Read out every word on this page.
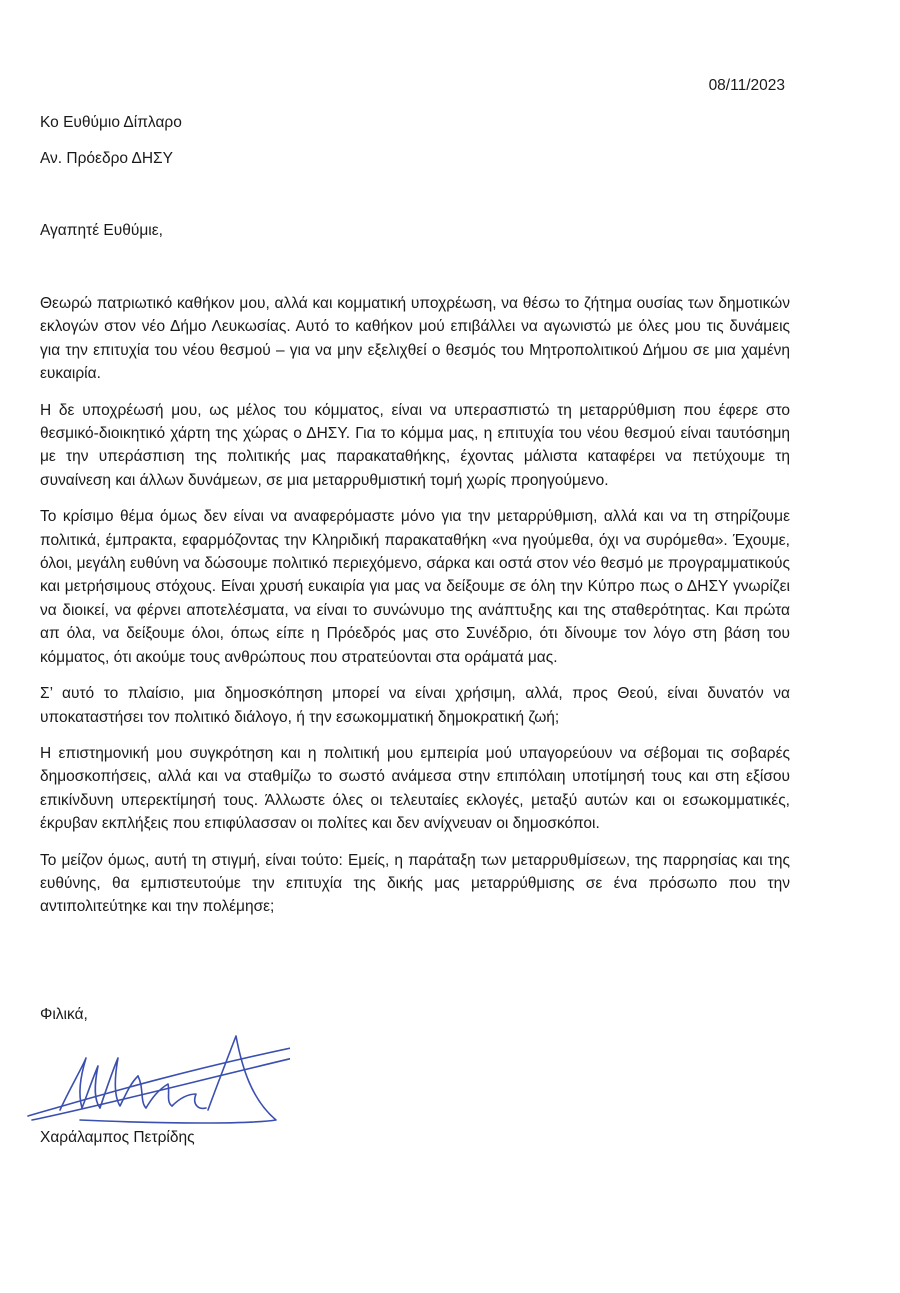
08/11/2023
Κο Ευθύμιο Δίπλαρο
Αν. Πρόεδρο ΔΗΣΥ
Αγαπητέ Ευθύμιε,

Θεωρώ πατριωτικό καθήκον μου, αλλά και κομματική υποχρέωση, να θέσω το ζήτημα ουσίας των δημοτικών εκλογών στον νέο Δήμο Λευκωσίας. Αυτό το καθήκον μού επιβάλλει να αγωνιστώ με όλες μου τις δυνάμεις για την επιτυχία του νέου θεσμού – για να μην εξελιχθεί ο θεσμός του Μητροπολιτικού Δήμου σε μια χαμένη ευκαιρία.

Η δε υποχρέωσή μου, ως μέλος του κόμματος, είναι να υπερασπιστώ τη μεταρρύθμιση που έφερε στο θεσμικό-διοικητικό χάρτη της χώρας ο ΔΗΣΥ. Για το κόμμα μας, η επιτυχία του νέου θεσμού είναι ταυτόσημη με την υπεράσπιση της πολιτικής μας παρακαταθήκης, έχοντας μάλιστα καταφέρει να πετύχουμε τη συναίνεση και άλλων δυνάμεων, σε μια μεταρρυθμιστική τομή χωρίς προηγούμενο.

Το κρίσιμο θέμα όμως δεν είναι να αναφερόμαστε μόνο για την μεταρρύθμιση, αλλά και να τη στηρίζουμε πολιτικά, έμπρακτα, εφαρμόζοντας την Κληριδική παρακαταθήκη «να ηγούμεθα, όχι να συρόμεθα». Έχουμε, όλοι, μεγάλη ευθύνη να δώσουμε πολιτικό περιεχόμενο, σάρκα και οστά στον νέο θεσμό με προγραμματικούς και μετρήσιμους στόχους. Είναι χρυσή ευκαιρία για μας να δείξουμε σε όλη την Κύπρο πως ο ΔΗΣΥ γνωρίζει να διοικεί, να φέρνει αποτελέσματα, να είναι το συνώνυμο της ανάπτυξης και της σταθερότητας. Και πρώτα απ όλα, να δείξουμε όλοι, όπως είπε η Πρόεδρός μας στο Συνέδριο, ότι δίνουμε τον λόγο στη βάση του κόμματος, ότι ακούμε τους ανθρώπους που στρατεύονται στα οράματά μας.

Σ’ αυτό το πλαίσιο, μια δημοσκόπηση μπορεί να είναι χρήσιμη, αλλά, προς Θεού, είναι δυνατόν να υποκαταστήσει τον πολιτικό διάλογο, ή την εσωκομματική δημοκρατική ζωή;

Η επιστημονική μου συγκρότηση και η πολιτική μου εμπειρία μού υπαγορεύουν να σέβομαι τις σοβαρές δημοσκοπήσεις, αλλά και να σταθμίζω το σωστό ανάμεσα στην επιπόλαιη υποτίμησή τους και στη εξίσου επικίνδυνη υπερεκτίμησή τους. Άλλωστε όλες οι τελευταίες εκλογές, μεταξύ αυτών και οι εσωκομματικές, έκρυβαν εκπλήξεις που επιφύλασσαν οι πολίτες και δεν ανίχνευαν οι δημοσκόποι.

Το μείζον όμως, αυτή τη στιγμή, είναι τούτο: Εμείς, η παράταξη των μεταρρυθμίσεων, της παρρησίας και της ευθύνης, θα εμπιστευτούμε την επιτυχία της δικής μας μεταρρύθμισης σε ένα πρόσωπο που την αντιπολιτεύτηκε και την πολέμησε;

Φιλικά,
Χαράλαμπος Πετρίδης
